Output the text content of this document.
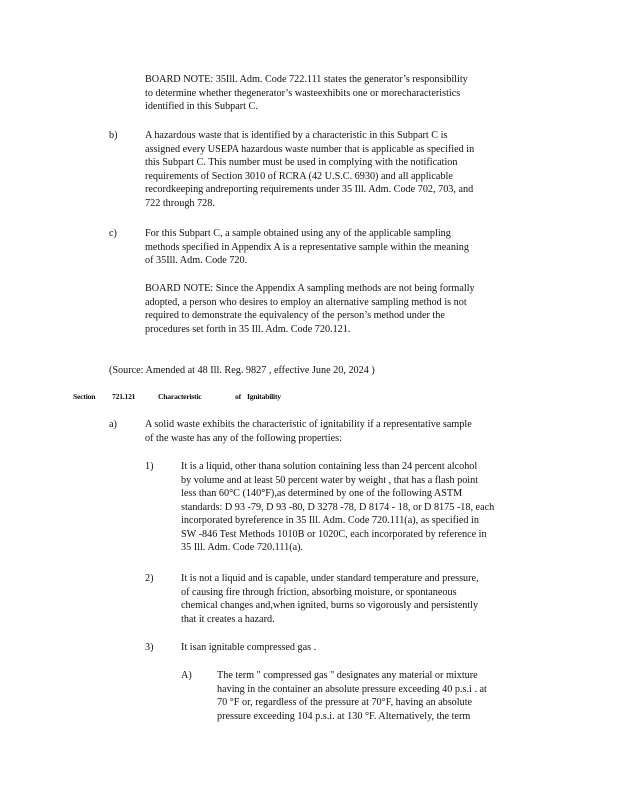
BOARD NOTE: 35Ill. Adm. Code 722.111 states the generator’s responsibility
to determine whether thegenerator’s wasteexhibits one or morecharacteristics
identified in this Subpart C.
b)	A hazardous waste that is identified by a characteristic in this Subpart C is
assigned every USEPA hazardous waste number that is applicable as specified in
this Subpart C. This number must be used in complying with the notification
requirements of Section 3010 of RCRA (42 U.S.C. 6930) and all applicable
recordkeeping andreporting requirements under 35 Ill. Adm. Code 702, 703, and
722 through 728.
c)	For this Subpart C, a sample obtained using any of the applicable sampling
methods specified in Appendix A is a representative sample within the meaning
of 35Ill. Adm. Code 720.
BOARD NOTE: Since the Appendix A sampling methods are not being formally
adopted, a person who desires to employ an alternative sampling method is not
required to demonstrate the equivalency of the person’s method under the
procedures set forth in 35 Ill. Adm. Code 720.121.
(Source: Amended at 48 Ill. Reg. 9827 , effective June 20, 2024 )
Section 721.121	Characteristic	of Ignitability
a)	A solid waste exhibits the characteristic of ignitability if a representative sample
of the waste has any of the following properties:
1)	It is a liquid, other thana solution containing less than 24 percent alcohol
by volume and at least 50 percent water by weight , that has a flash point
less than 60°C (140°F),as determined by one of the following ASTM
standards: D 93 -79, D 93 -80, D 3278 -78, D 8174 - 18, or D 8175 -18, each
incorporated byreference in 35 Ill. Adm. Code 720.111(a), as specified in
SW -846 Test Methods 1010B or 1020C, each incorporated by reference in
35 Ill. Adm. Code 720.111(a).
2)	It is not a liquid and is capable, under standard temperature and pressure,
of causing fire through friction, absorbing moisture, or spontaneous
chemical changes and,when ignited, burns so vigorously and persistently
that it creates a hazard.
3)	It isan ignitable compressed gas .
A) The term " compressed gas " designates any material or mixture
having in the container an absolute pressure exceeding 40 p.s.i . at
70 °F or, regardless of the pressure at 70°F, having an absolute
pressure exceeding 104 p.s.i. at 130 °F. Alternatively, the term
